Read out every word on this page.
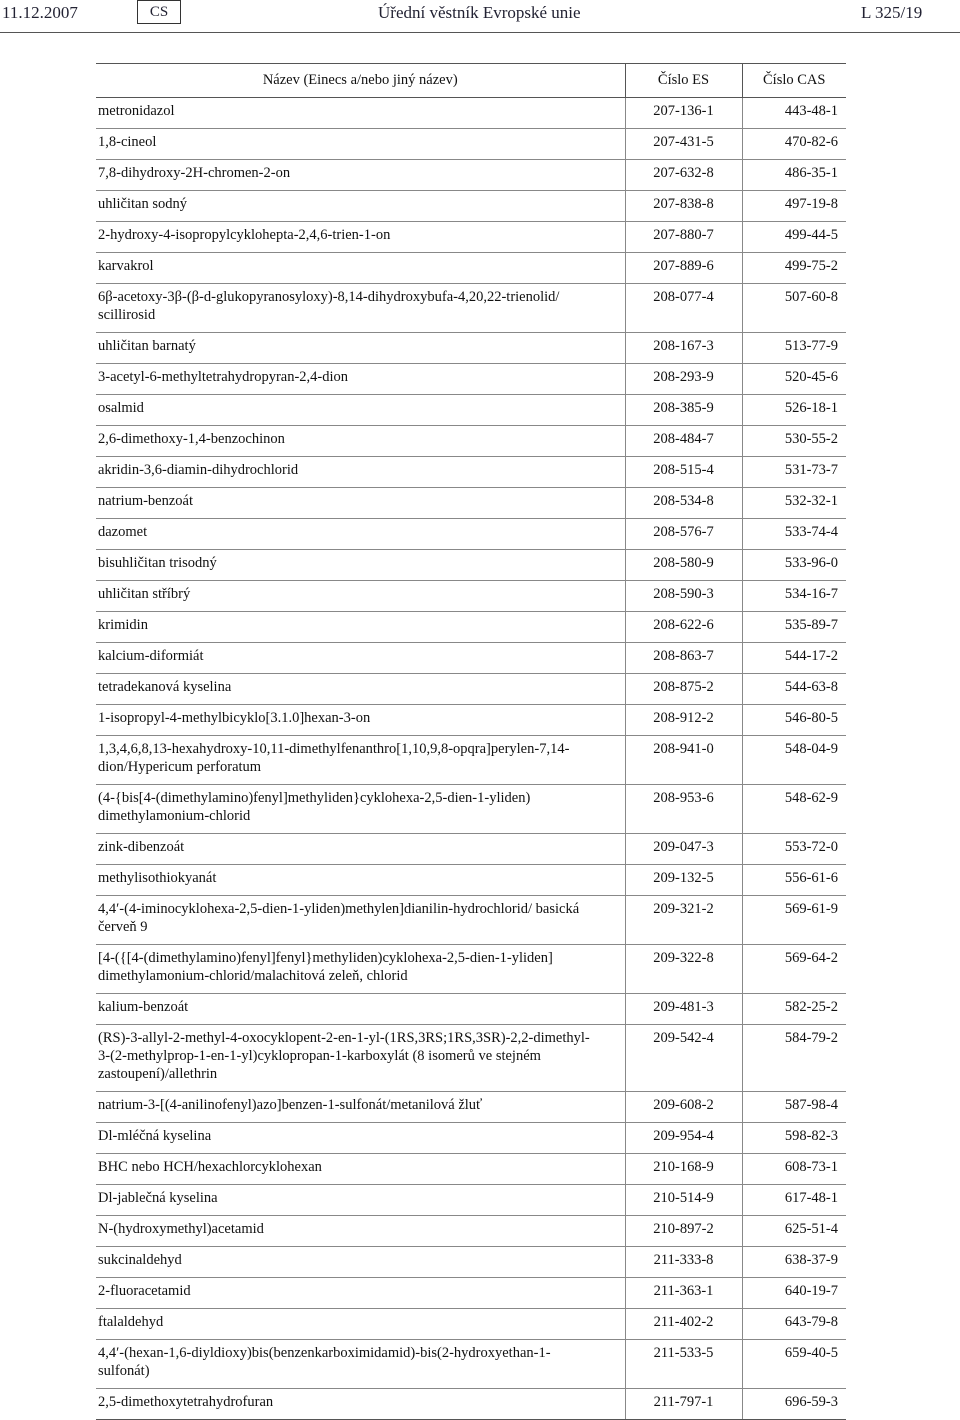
11.12.2007	CS	Úřední věstník Evropské unie	L 325/19
Název (Einecs a/nebo jiný název)	Číslo ES	Číslo CAS
metronidazol	207-136-1	443-48-1
1,8-cineol	207-431-5	470-82-6
7,8-dihydroxy-2H-chromen-2-on	207-632-8	486-35-1
uhličitan sodný	207-838-8	497-19-8
2-hydroxy-4-isopropylcyklohepta-2,4,6-trien-1-on	207-880-7	499-44-5
karvakrol	207-889-6	499-75-2
6β-acetoxy-3β-(β-d-glukopyranosyloxy)-8,14-dihydroxybufa-4,20,22-trienolid/ scillirosid	208-077-4	507-60-8
uhličitan barnatý	208-167-3	513-77-9
3-acetyl-6-methyltetrahydropyran-2,4-dion	208-293-9	520-45-6
osalmid	208-385-9	526-18-1
2,6-dimethoxy-1,4-benzochinon	208-484-7	530-55-2
akridin-3,6-diamin-dihydrochlorid	208-515-4	531-73-7
natrium-benzoát	208-534-8	532-32-1
dazomet	208-576-7	533-74-4
bisuhličitan trisodný	208-580-9	533-96-0
uhličitan stříbrý	208-590-3	534-16-7
krimidin	208-622-6	535-89-7
kalcium-diformiát	208-863-7	544-17-2
tetradekanová kyselina	208-875-2	544-63-8
1-isopropyl-4-methylbicyklo[3.1.0]hexan-3-on	208-912-2	546-80-5
1,3,4,6,8,13-hexahydroxy-10,11-dimethylfenanthro[1,10,9,8-opqra]perylen-7,14-dion/Hypericum perforatum	208-941-0	548-04-9
(4-{bis[4-(dimethylamino)fenyl]methyliden}cyklohexa-2,5-dien-1-yliden) dimethylamonium-chlorid	208-953-6	548-62-9
zink-dibenzoát	209-047-3	553-72-0
methylisothiokyanát	209-132-5	556-61-6
4,4′-(4-iminocyklohexa-2,5-dien-1-yliden)methylen]dianilin-hydrochlorid/ basická červeň 9	209-321-2	569-61-9
[4-({[4-(dimethylamino)fenyl]fenyl}methyliden)cyklohexa-2,5-dien-1-yliden] dimethylamonium-chlorid/malachitová zeleň, chlorid	209-322-8	569-64-2
kalium-benzoát	209-481-3	582-25-2
(RS)-3-allyl-2-methyl-4-oxocyklopent-2-en-1-yl-(1RS,3RS;1RS,3SR)-2,2-dimethyl-3-(2-methylprop-1-en-1-yl)cyklopropan-1-karboxylát (8 isomerů ve stejném zastoupení)/allethrin	209-542-4	584-79-2
natrium-3-[(4-anilinofenyl)azo]benzen-1-sulfonát/metanilová žluť	209-608-2	587-98-4
Dl-mléčná kyselina	209-954-4	598-82-3
BHC nebo HCH/hexachlorcyklohexan	210-168-9	608-73-1
Dl-jablečná kyselina	210-514-9	617-48-1
N-(hydroxymethyl)acetamid	210-897-2	625-51-4
sukcinaldehyd	211-333-8	638-37-9
2-fluoracetamid	211-363-1	640-19-7
ftalaldehyd	211-402-2	643-79-8
4,4′-(hexan-1,6-diyldioxy)bis(benzenkarboximidamid)-bis(2-hydroxyethan-1-sulfonát)	211-533-5	659-40-5
2,5-dimethoxytetrahydrofuran	211-797-1	696-59-3
